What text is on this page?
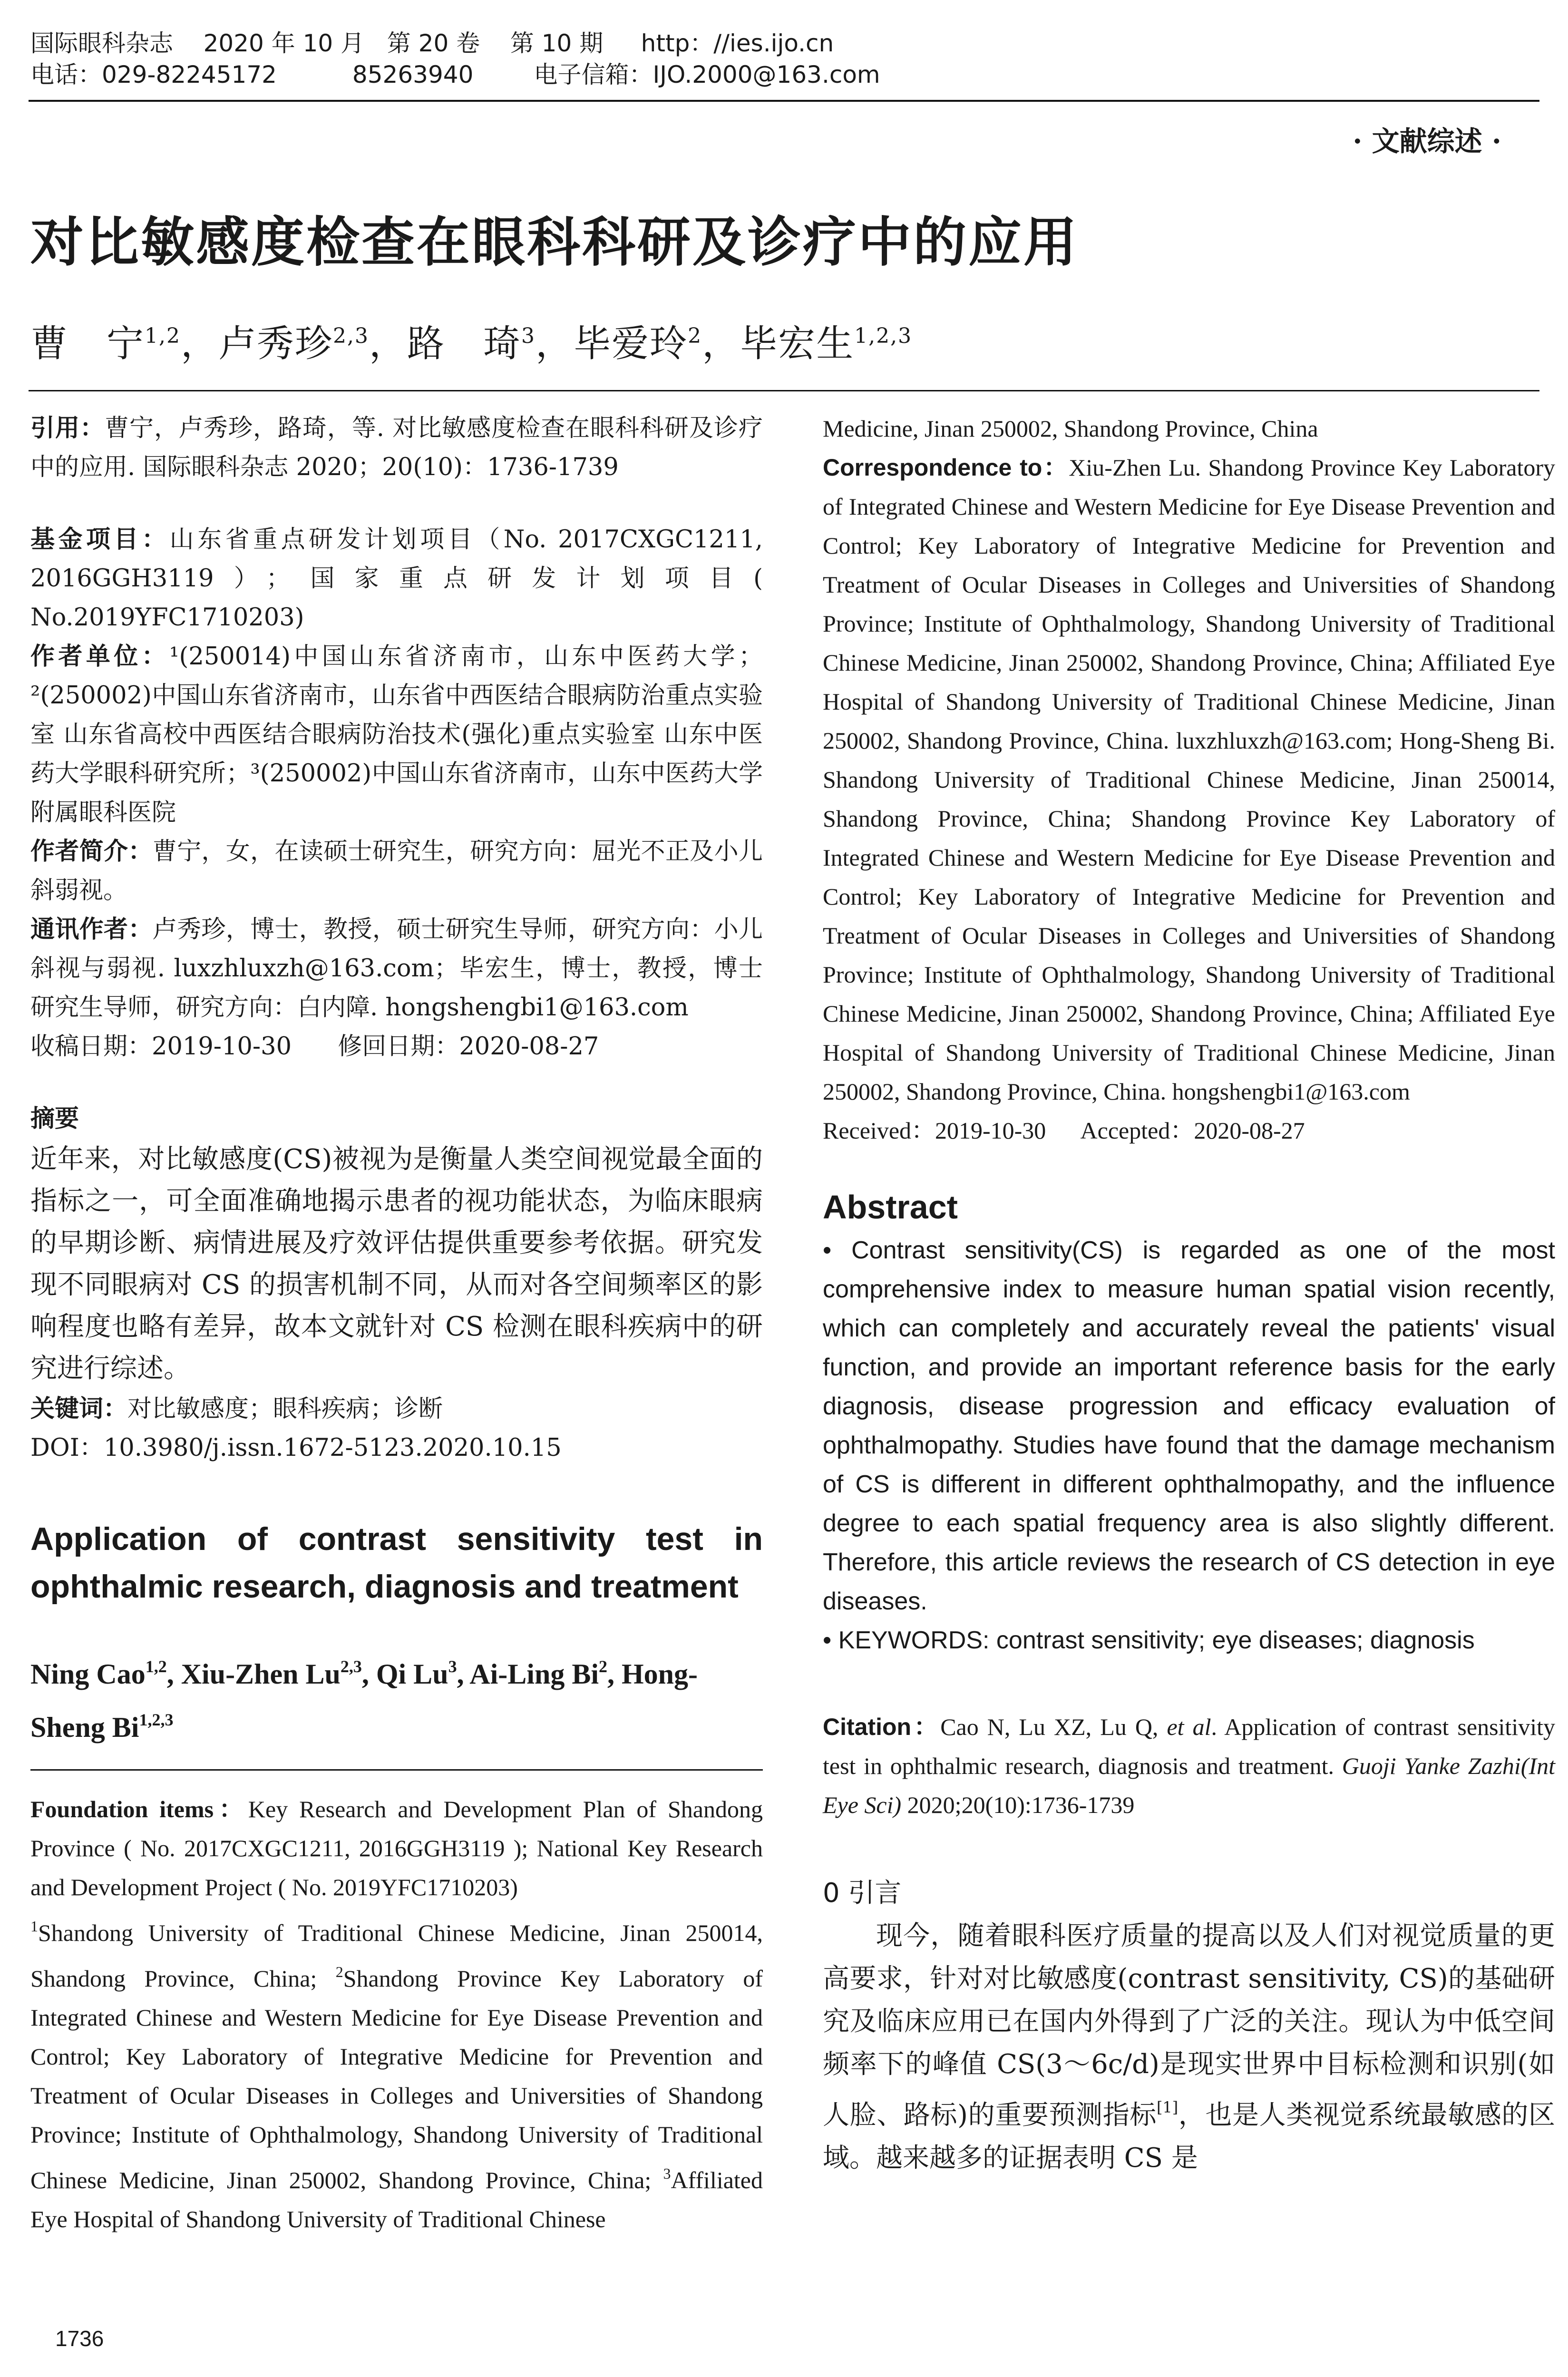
国际眼科杂志    2020 年 10 月   第 20 卷    第 10 期     http：//ies.ijo.cn
电话：029-82245172          85263940        电子信箱：IJO.2000@163.com
· 文献综述 ·
对比敏感度检查在眼科科研及诊疗中的应用
曹　宁$^{1,2}$，卢秀珍$^{2,3}$，路　琦$^3$，毕爱玲$^2$，毕宏生$^{1,2,3}$

引用：曹宁，卢秀珍，路琦，等. 对比敏感度检查在眼科科研及诊疗中的应用. 国际眼科杂志 2020；20(10)：1736-1739

基金项目：山东省重点研发计划项目（No. 2017CXGC1211, 2016GGH3119）；国家重点研发计划项目( No.2019YFC1710203)

作者单位：¹(250014)中国山东省济南市，山东中医药大学；²(250002)中国山东省济南市，山东省中西医结合眼病防治重点实验室 山东省高校中西医结合眼病防治技术(强化)重点实验室 山东中医药大学眼科研究所；³(250002)中国山东省济南市，山东中医药大学附属眼科医院

作者简介：曹宁，女，在读硕士研究生，研究方向：屈光不正及小儿斜弱视。

通讯作者：卢秀珍，博士，教授，硕士研究生导师，研究方向：小儿斜视与弱视. luxzhluxzh@163.com；毕宏生，博士，教授，博士研究生导师，研究方向：白内障. hongshengbi1@163.com

收稿日期：2019-10-30      修回日期：2020-08-27

摘要

近年来，对比敏感度(CS)被视为是衡量人类空间视觉最全面的指标之一，可全面准确地揭示患者的视功能状态，为临床眼病的早期诊断、病情进展及疗效评估提供重要参考依据。研究发现不同眼病对 CS 的损害机制不同，从而对各空间频率区的影响程度也略有差异，故本文就针对 CS 检测在眼科疾病中的研究进行综述。

关键词：对比敏感度；眼科疾病；诊断

DOI：10.3980/j.issn.1672-5123.2020.10.15

Application of contrast sensitivity test in ophthalmic research, diagnosis and treatment

Ning Cao$^{1,2}$, Xiu-Zhen Lu$^{2,3}$, Qi Lu$^3$, Ai-Ling Bi$^2$, Hong-Sheng Bi$^{1,2,3}$

Foundation items：Key Research and Development Plan of Shandong Province ( No. 2017CXGC1211, 2016GGH3119 ); National Key Research and Development Project ( No. 2019YFC1710203)

$^1$Shandong University of Traditional Chinese Medicine, Jinan 250014, Shandong Province, China; $^2$Shandong Province Key Laboratory of Integrated Chinese and Western Medicine for Eye Disease Prevention and Control; Key Laboratory of Integrative Medicine for Prevention and Treatment of Ocular Diseases in Colleges and Universities of Shandong Province; Institute of Ophthalmology, Shandong University of Traditional Chinese Medicine, Jinan 250002, Shandong Province, China; $^3$Affiliated Eye Hospital of Shandong University of Traditional Chinese

Medicine, Jinan 250002, Shandong Province, China

Correspondence to：Xiu-Zhen Lu. Shandong Province Key Laboratory of Integrated Chinese and Western Medicine for Eye Disease Prevention and Control; Key Laboratory of Integrative Medicine for Prevention and Treatment of Ocular Diseases in Colleges and Universities of Shandong Province; Institute of Ophthalmology, Shandong University of Traditional Chinese Medicine, Jinan 250002, Shandong Province, China; Affiliated Eye Hospital of Shandong University of Traditional Chinese Medicine, Jinan 250002, Shandong Province, China. luxzhluxzh@163.com; Hong-Sheng Bi. Shandong University of Traditional Chinese Medicine, Jinan 250014, Shandong Province, China; Shandong Province Key Laboratory of Integrated Chinese and Western Medicine for Eye Disease Prevention and Control; Key Laboratory of Integrative Medicine for Prevention and Treatment of Ocular Diseases in Colleges and Universities of Shandong Province; Institute of Ophthalmology, Shandong University of Traditional Chinese Medicine, Jinan 250002, Shandong Province, China; Affiliated Eye Hospital of Shandong University of Traditional Chinese Medicine, Jinan 250002, Shandong Province, China. hongshengbi1@163.com

Received：2019-10-30      Accepted：2020-08-27

Abstract

• Contrast sensitivity(CS) is regarded as one of the most comprehensive index to measure human spatial vision recently, which can completely and accurately reveal the patients' visual function, and provide an important reference basis for the early diagnosis, disease progression and efficacy evaluation of ophthalmopathy. Studies have found that the damage mechanism of CS is different in different ophthalmopathy, and the influence degree to each spatial frequency area is also slightly different. Therefore, this article reviews the research of CS detection in eye diseases.

• KEYWORDS: contrast sensitivity; eye diseases; diagnosis

Citation：Cao N, Lu XZ, Lu Q, et al. Application of contrast sensitivity test in ophthalmic research, diagnosis and treatment. Guoji Yanke Zazhi(Int Eye Sci) 2020;20(10):1736-1739

0 引言

现今，随着眼科医疗质量的提高以及人们对视觉质量的更高要求，针对对比敏感度(contrast sensitivity, CS)的基础研究及临床应用已在国内外得到了广泛的关注。现认为中低空间频率下的峰值 CS(3～6c/d)是现实世界中目标检测和识别(如人脸、路标)的重要预测指标[1]，也是人类视觉系统最敏感的区域。越来越多的证据表明 CS 是

1736
